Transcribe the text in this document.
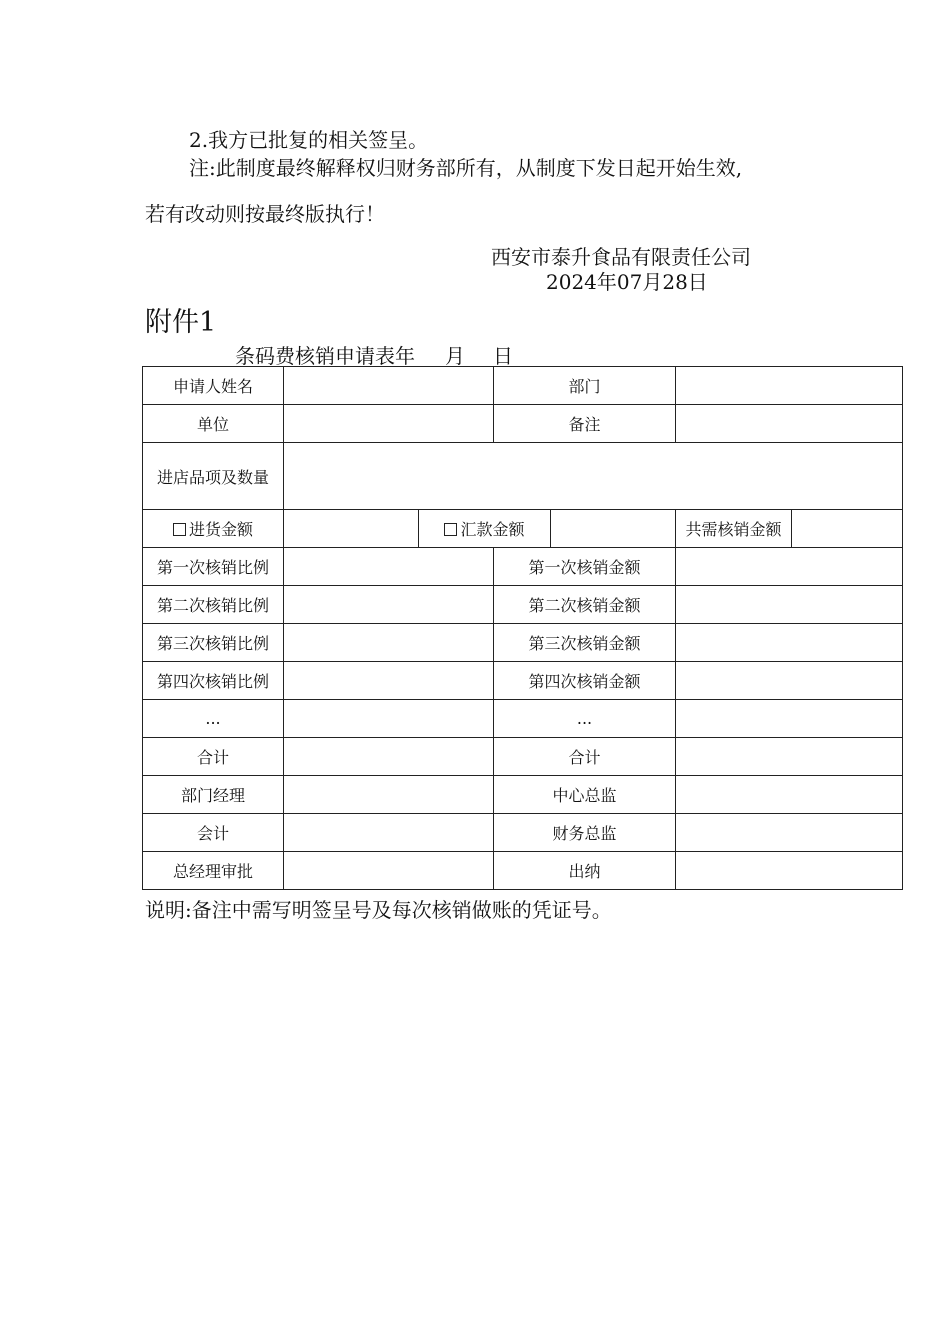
2.我方已批复的相关签呈。
注:此制度最终解释权归财务部所有，从制度下发日起开始生效,
若有改动则按最终版执行！
西安市泰升食品有限责任公司
2024年07月28日
附件1
条码费核销申请表年 月 日
申请人姓名			部门			
单位			备注			
进店品项及数量						
进货金额		汇款金额			共需核销金额	
第一次核销比例			第一次核销金额			
第二次核销比例			第二次核销金额			
第三次核销比例			第三次核销金额			
第四次核销比例			第四次核销金额			
...			...			
合计			合计			
部门经理			中心总监			
会计			财务总监			
总经理审批			出纳			
说明:备注中需写明签呈号及每次核销做账的凭证号。
